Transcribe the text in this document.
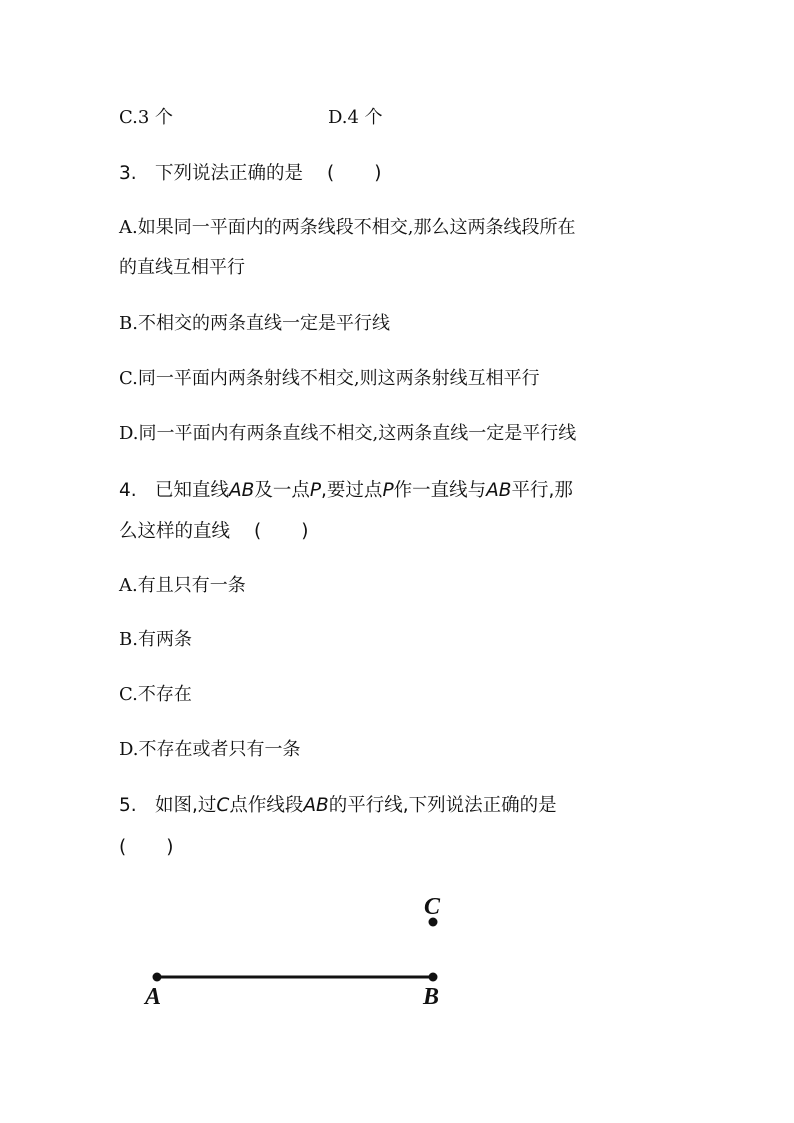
C.3 个	D.4 个
3. 下列说法正确的是 ( )
A.如果同一平面内的两条线段不相交,那么这两条线段所在
的直线互相平行
B.不相交的两条直线一定是平行线
C.同一平面内两条射线不相交,则这两条射线互相平行
D.同一平面内有两条直线不相交,这两条直线一定是平行线
4. 已知直线AB及一点P,要过点P作一直线与AB平行,那
么这样的直线 ( )
A.有且只有一条
B.有两条
C.不存在
D.不存在或者只有一条
5. 如图,过C点作线段AB的平行线,下列说法正确的是
( )
A	B
C
